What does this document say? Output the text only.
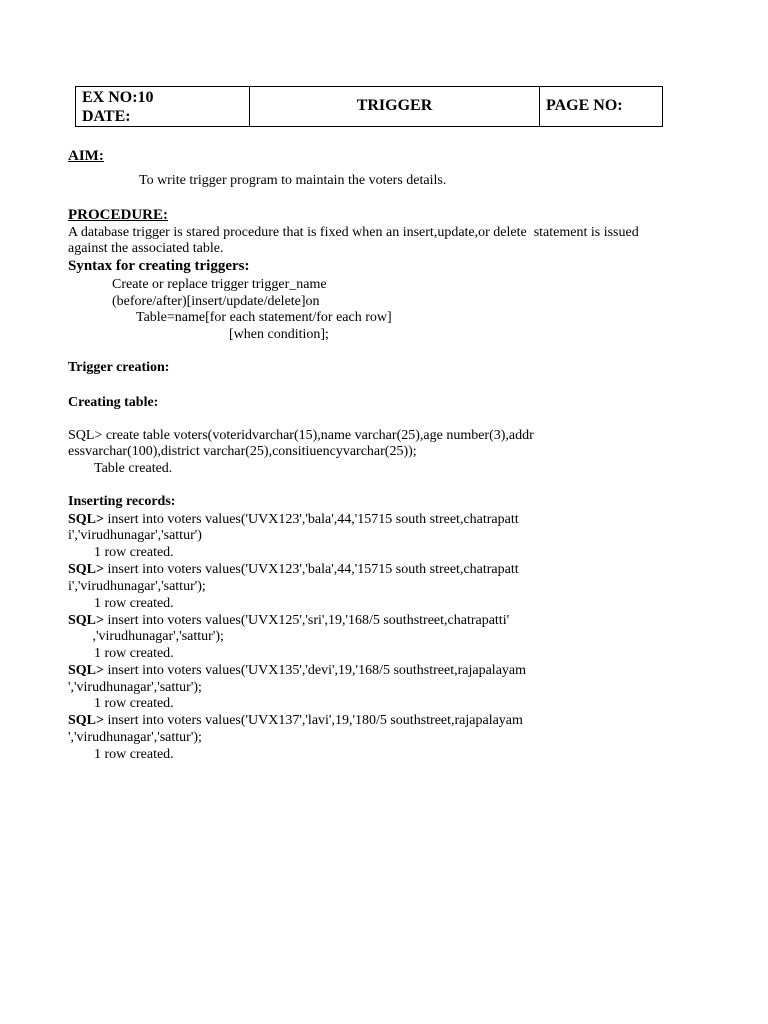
EX NO:10
DATE:
TRIGGER	PAGE NO:
AIM:
To write trigger program to maintain the voters details.
PROCEDURE:
A database trigger is stared procedure that is fixed when an insert,update,or delete  statement is issued
against the associated table.
Syntax for creating triggers:
Create or replace trigger trigger_name
(before/after)[insert/update/delete]on
Table=name[for each statement/for each row]
[when condition];
Trigger creation:
Creating table:
SQL> create table voters(voteridvarchar(15),name varchar(25),age number(3),addr
essvarchar(100),district varchar(25),consitiuencyvarchar(25));
Table created.
Inserting records:
SQL> insert into voters values('UVX123','bala',44,'15715 south street,chatrapatt
i','virudhunagar','sattur')
1 row created.
SQL> insert into voters values('UVX123','bala',44,'15715 south street,chatrapatt
i','virudhunagar','sattur');
1 row created.
SQL> insert into voters values('UVX125','sri',19,'168/5 southstreet,chatrapatti'
,'virudhunagar','sattur');
1 row created.
SQL> insert into voters values('UVX135','devi',19,'168/5 southstreet,rajapalayam
','virudhunagar','sattur');
1 row created.
SQL> insert into voters values('UVX137','lavi',19,'180/5 southstreet,rajapalayam
','virudhunagar','sattur');
1 row created.
